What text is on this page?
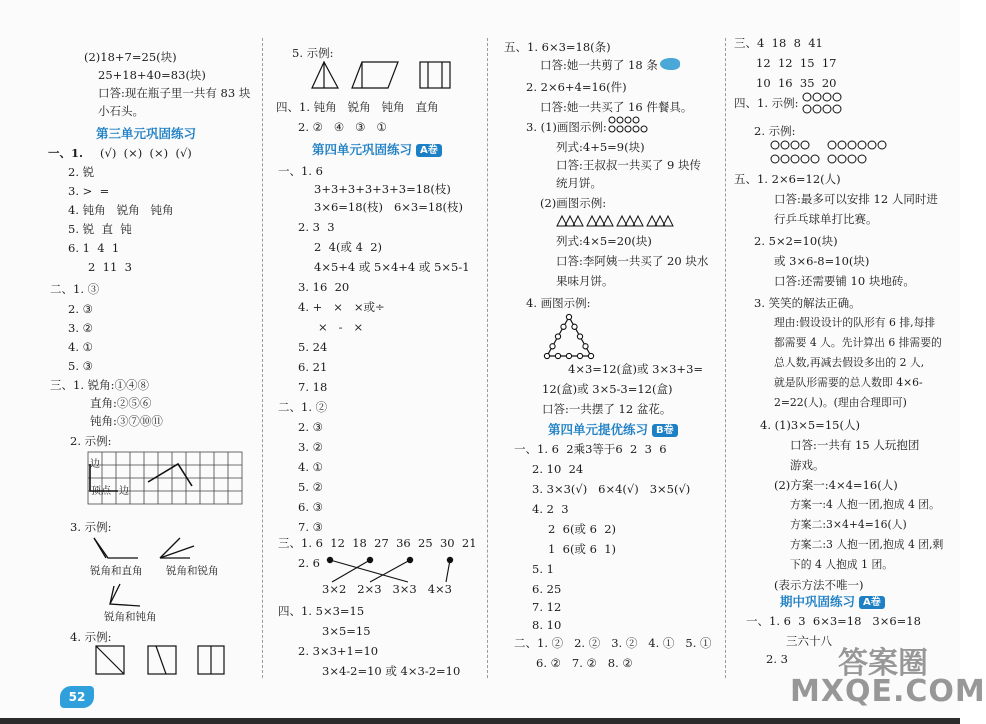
(2)18+7=25(块)
25+18+40=83(块)
口答:现在瓶子里一共有 83 块
小石头。
第三单元巩固练习
一、1. (√)  (×)  (×)  (√)
2. 锐
3. >  =
4. 钝角   锐角   钝角
5. 锐  直  钝
6. 1  4  1
2  11  3
二、1. ③
2. ③
3. ②
4. ①
5. ③
三、1. 锐角:①④⑧
直角:②⑤⑥
钝角:③⑦⑩⑪
2. 示例:
边
顶点 边
3. 示例:
锐角和直角 锐角和锐角
锐角和钝角
4. 示例:
5. 示例:
四、1. 钝角   锐角   钝角   直角
2. ②   ④   ③   ①
第四单元巩固练习 A卷
一、1. 6
3+3+3+3+3+3=18(枝)
3×6=18(枝)   6×3=18(枝)
2. 3  3
2  4(或 4  2)
4×5+4 或 5×4+4 或 5×5-1
3. 16  20
4. +   ×   ×或÷
×   -   ×
5. 24
6. 21
7. 18
二、1. ②
2. ③
3. ②
4. ①
5. ②
6. ③
7. ③
三、1. 6  12  18  27  36  25  30  21
2. 6
3×2   2×3   3×3   4×3
四、1. 5×3=15
3×5=15
2. 3×3+1=10
3×4-2=10 或 4×3-2=10
五、1. 6×3=18(条)
口答:她一共剪了 18 条
2. 2×6+4=16(件)
口答:她一共买了 16 件餐具。
3. (1)画图示例:
列式:4+5=9(块)
口答:王叔叔一共买了 9 块传
统月饼。
(2)画图示例:
列式:4×5=20(块)
口答:李阿姨一共买了 20 块水
果味月饼。
4. 画图示例:
4×3=12(盒)或 3×3+3=
12(盒)或 3×5-3=12(盒)
口答:一共摆了 12 盆花。
第四单元提优练习 B卷
一、1. 6  2乘3等于6  2  3  6
2. 10  24
3. 3×3(√)   6×4(√)   3×5(√)
4. 2  3
2  6(或 6  2)
1  6(或 6  1)
5. 1
6. 25
7. 12
8. 10
二、1. ②   2. ②   3. ②   4. ①   5. ①
6. ②   7. ②   8. ②
三、4  18  8  41
12  12  15  17
10  16  35  20
四、1. 示例:
2. 示例:
五、1. 2×6=12(人)
口答:最多可以安排 12 人同时进
行乒乓球单打比赛。
2. 5×2=10(块)
或 3×6-8=10(块)
口答:还需要铺 10 块地砖。
3. 笑笑的解法正确。
理由:假设设计的队形有 6 排,每排
都需要 4 人。先计算出 6 排需要的
总人数,再减去假设多出的 2 人,
就是队形需要的总人数即 4×6-
2=22(人)。(理由合理即可)
4. (1)3×5=15(人)
口答:一共有 15 人玩抱团
游戏。
(2)方案一:4×4=16(人)
方案一:4 人抱一团,抱成 4 团。
方案二:3×4+4=16(人)
方案二:3 人抱一团,抱成 4 团,剩
下的 4 人抱成 1 团。
(表示方法不唯一)
期中巩固练习 A卷
一、1. 6  3  6×3=18   3×6=18
三六十八
2. 3 答案圈
MXQE.COM
52
